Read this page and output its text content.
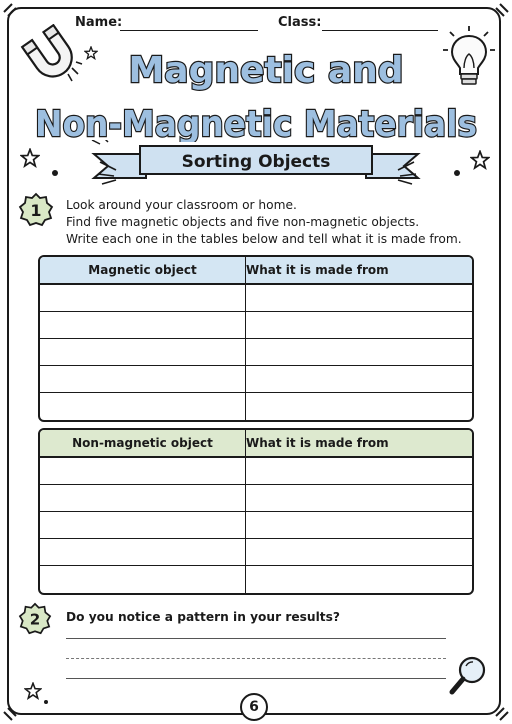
Name:	Class:
Magnetic and
Non-Magnetic Materials
Sorting Objects
1 Look around your classroom or home.
Find five magnetic objects and five non-magnetic objects.
Write each one in the tables below and tell what it is made from.
Magnetic object	What it is made from
Non-magnetic object	What it is made from
2 Do you notice a pattern in your results?
6
